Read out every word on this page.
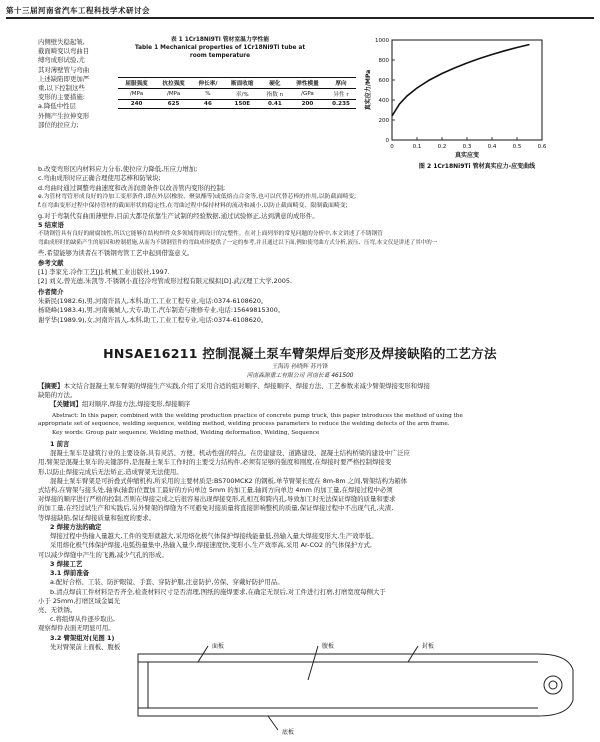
第十三届河南省汽车工程科技学术研讨会
内侧壁失稳起皱,
截面畸变以弯曲目
缚弯成形试验,尤
其对薄壁管与弯曲
上述缺陷即更加严
重,以下控制这些
变形的主要措施:
a.降低中性层
外侧产生拉伸变形
部位的拉应力;
表 1 1Cr18Ni9Ti 管材室温力学性能
Table 1 Mechanical properties of 1Cr18Ni9Ti tube at
room temperature
屈服强度	抗拉强度	伸长率/	断面收缩	硬化	弹性模量	厚向
/MPa	/MPa	%	率/%	指数 n	/GPa	异性 r
240	625	46	150E	0.41	200	0.235
0
200
400
600
800
1000
0	0.1	0.2	0.3	0.4	0.5	0.6
真实应变
真实应力/MPa
图 2 1Cr18Ni9Ti 管材真实应力-应变曲线
b.改变弯形区内材料应力分布,使拉应力降低,压应力增加;
c.弯曲成形时应正确合理使用芯棒和防皱块;
d.弯曲时通过调整弯曲速度和改善润滑条件以改善管内变形的控制;
e.为管材弯管形成良好的冷加工变形条件,即在外层(橡胶、聚氨酯等)或低熔点合金等,也可以代替芯棒的作用,以防截面畸变;
f.在弯曲变形过程中保持管材的截面形状的稳定性,在弯曲过程中保持材料的流动和减小,以防止截面畸变、限制截面畸变;
g.对于弯制代有曲面薄壁件,目前大都是依靠生产试制的经验数据,通过试验修正,达到满意的成形件。
5 结束语
不锈钢管具有良好的耐腐蚀性,所以它能够在结构焊件众多领域得到设计的完整性。在对上面列举的常见问题的分析中,本文讲述了不锈钢管
弯曲成形时的缺陷产生的原因和控制措施,从而为不锈钢管件的弯曲成形提供了一定的参考,并且通过以下面,例如使弯曲方式分析,液压、压弯,本文仅是讲述了其中的一
些,希望能够为读者在不锈钢弯管工艺中起到借鉴意义。
参考文献
[1] 李家光.冷作工艺[J].机械工业出版社,1997.
[2] 刘义,曾光德,朱凯等.不锈钢小直径冷弯管成形过程有限元模拟[D].武汉理工大学,2005.
作者简介
朱新民(1982.6),男,河南许昌人,本科,助工,工业工程专业,电话:0374-6108620。
杨晓峰(1983.4),男,河南襄城人,大专,助工,汽车制造与维修专业,电话:15649815300。
谢学华(1989.9),女,河南许昌人,本科,助工,工业工程专业,电话:0374-6108620。
HNSAE16211 控制混凝土泵车臂架焊后变形及焊接缺陷的工艺方法
王海涛 孙晓辉 苏丹锋
河南森源重工有限公司 河南长葛 461500
【摘要】本文结合混凝土泵车臂架的焊接生产实践,介绍了采用合适的组对顺序、焊接顺序、焊接方法、工艺参数来减少臂架焊接变形和焊接
缺陷的方法。
【关键词】组对顺序,焊接方法,焊接变形,焊接顺序
Abstract: In this paper, combined with the welding production practice of concrete pump truck, this paper introduces the method of using the
appropriate set of sequence, welding sequence, welding method, welding process parameters to reduce the welding defects of the arm frame.
Key words: Group pair sequence, Welding method, Welding deformation, Welding, Sequence
1 前言
混凝土泵车是建筑行业的主要设备,具有灵活、方便、机动性强的特点。在房建建设、道路建设、混凝土结构桥梁的建设中广泛应
用,臂架是混凝土泵车的关键部件,是混凝土泵车工作时的主要受力结构件,必须有足够的强度和刚度,在焊接时要严格控制焊接变
形,以防止焊接完成后无法矫正,造成臂架无法使用。
混凝土泵车臂架是可折叠式伸缩机构,所采用的主要材质是:BS700MCK2 的钢板,单节臂架长度在 8m-8m 之间,臂架结构为箱体
式结构,在臂架与接头处,轴承(轴套)位置加工最好的方向单边 5mm 的加工量,轴间方向单边 4mm 的加工量,在焊接过程中必须
对焊接的顺序进行严格的控制,否则在焊接完成之后很容易出现焊接变形,孔相互和跨内孔,导致加工时无法保证焊缝的质量和要求
的加工量,在经过试生产和实践后,另外臂架的焊缝为不可避免对接质量将直接影响整机的质量,保证焊接过程中不出现气孔,夹渣,
等焊接缺陷,保证焊接质量和强度的要求。
2 焊接方法的确定
焊接过程中热输入量越大,工件的变形就越大,采用熔化极气体保护焊接线能量低,热输入量大焊接变形大,生产效率低。
采用熔化极气体保护焊接,电弧热量集中,热输入量少,焊接速度快,变形小,生产效率高,采用 Ar-CO2 的气体保护方式,
可以减少焊缝中产生的飞溅,减少气孔的形成。
3 焊接工艺
3.1 焊前准备
a.配好合格、工装、防护眼镜、手套、穿防护服,注意防护,劳保、穿戴好防护用品。
b.清点焊前工件材料是否齐全,检查材料尺寸是否清理,图纸的施焊要求,在确定无误后,对工件进行打磨,打磨宽度每侧大于
小于 25mm,打磨区域金属光
亮、无铁锈。
c.将组焊从件逐步取出,
观察焊件表面无明显可用。
3.2 臂架组对(见图 1)
先对臂架前上面板、腹板	面板	腹板	封板
底板
